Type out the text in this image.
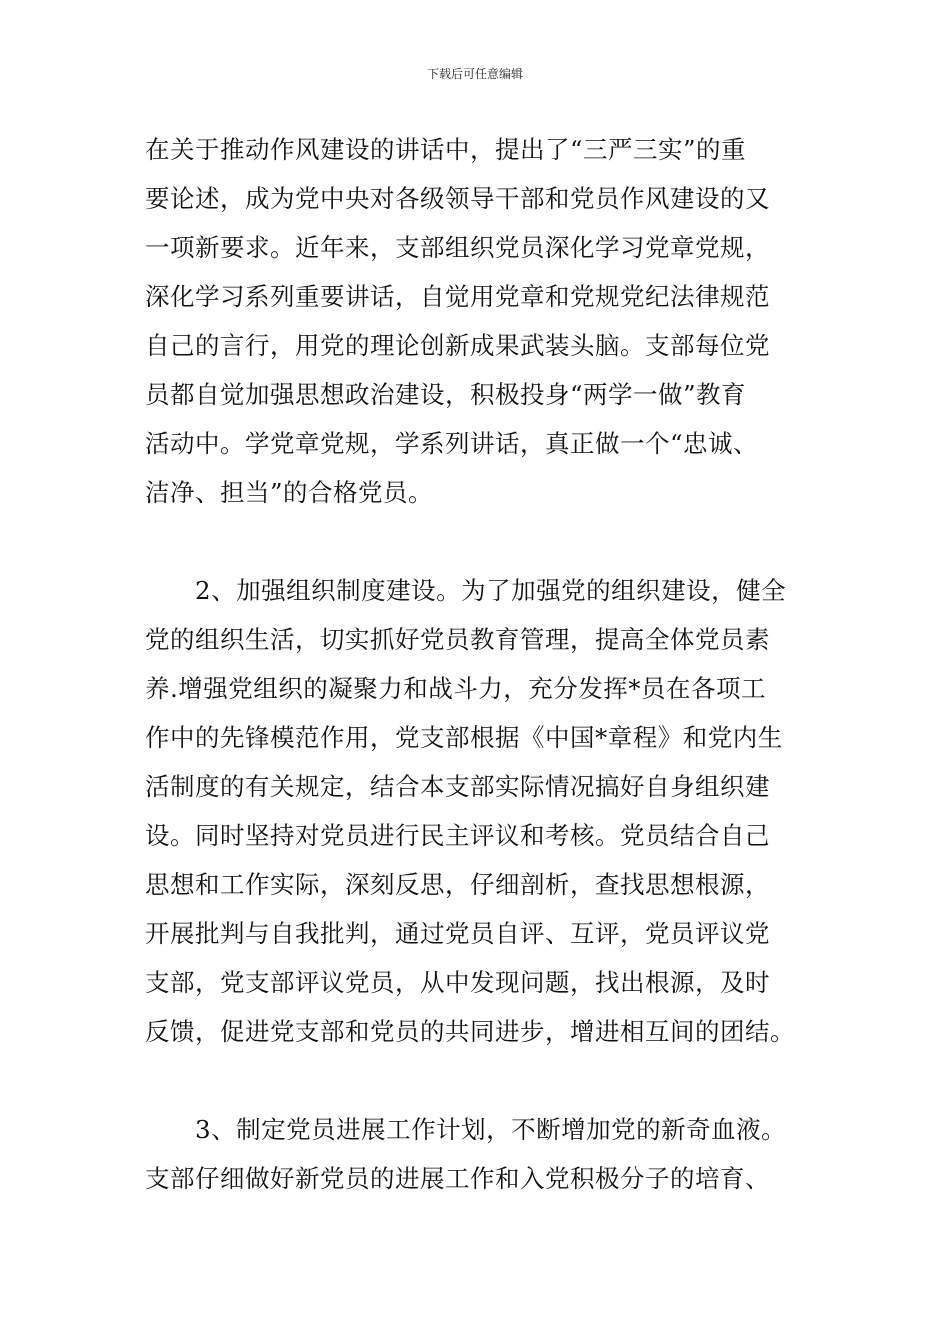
下载后可任意编辑
在关于推动作风建设的讲话中，提出了“三严三实”的重
要论述，成为党中央对各级领导干部和党员作风建设的又
一项新要求。近年来，支部组织党员深化学习党章党规，
深化学习系列重要讲话，自觉用党章和党规党纪法律规范
自己的言行，用党的理论创新成果武装头脑。支部每位党
员都自觉加强思想政治建设，积极投身“两学一做”教育
活动中。学党章党规，学系列讲话，真正做一个“忠诚、
洁净、担当”的合格党员。
　　2、加强组织制度建设。为了加强党的组织建设，健全
党的组织生活，切实抓好党员教育管理，提高全体党员素
养.增强党组织的凝聚力和战斗力，充分发挥*员在各项工
作中的先锋模范作用，党支部根据《中国*章程》和党内生
活制度的有关规定，结合本支部实际情况搞好自身组织建
设。同时坚持对党员进行民主评议和考核。党员结合自己
思想和工作实际，深刻反思，仔细剖析，查找思想根源，
开展批判与自我批判，通过党员自评、互评，党员评议党
支部，党支部评议党员，从中发现问题，找出根源，及时
反馈，促进党支部和党员的共同进步，增进相互间的团结。
　　3、制定党员进展工作计划，不断增加党的新奇血液。
支部仔细做好新党员的进展工作和入党积极分子的培育、
